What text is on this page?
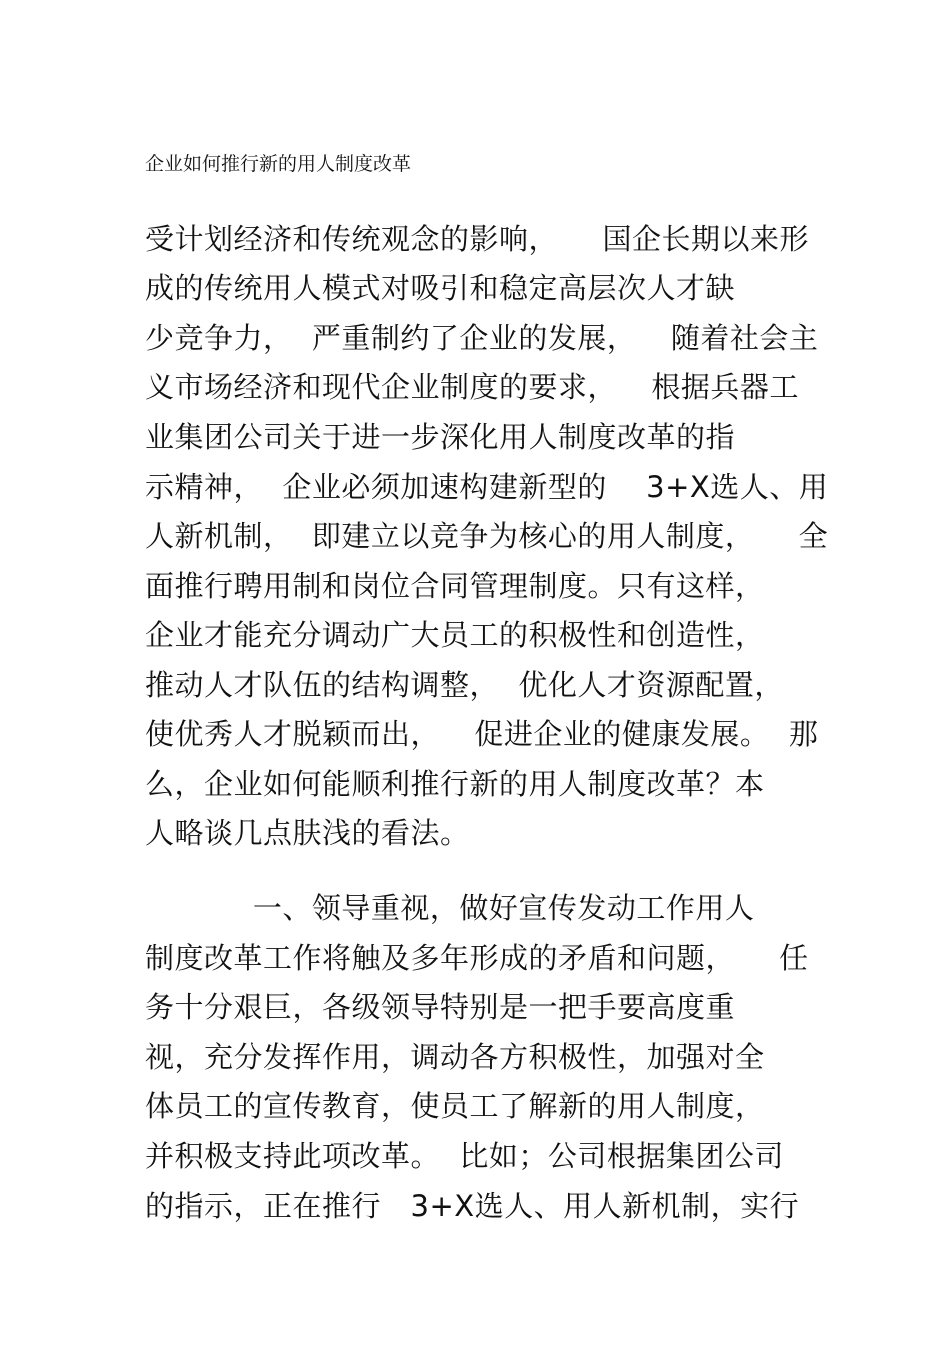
企业如何推行新的用人制度改革
受计划经济和传统观念的影响，　　国企长期以来形
成的传统用人模式对吸引和稳定高层次人才缺
少竞争力，  严重制约了企业的发展，　  随着社会主
义市场经济和现代企业制度的要求，　  根据兵器工
业集团公司关于进一步深化用人制度改革的指
示精神，  企业必须加速构建新型的　 3+X选人、用
人新机制，  即建立以竞争为核心的用人制度，　   全
面推行聘用制和岗位合同管理制度。只有这样，
企业才能充分调动广大员工的积极性和创造性，
推动人才队伍的结构调整，  优化人才资源配置，
使优秀人才脱颖而出，　  促进企业的健康发展。  那
么，企业如何能顺利推行新的用人制度改革？本
人略谈几点肤浅的看法。
　　　  一、领导重视，做好宣传发动工作用人
制度改革工作将触及多年形成的矛盾和问题，　   任
务十分艰巨，各级领导特别是一把手要高度重
视，充分发挥作用，调动各方积极性，加强对全
体员工的宣传教育，使员工了解新的用人制度，
并积极支持此项改革。  比如；公司根据集团公司
的指示，正在推行　3+X选人、用人新机制，实行
